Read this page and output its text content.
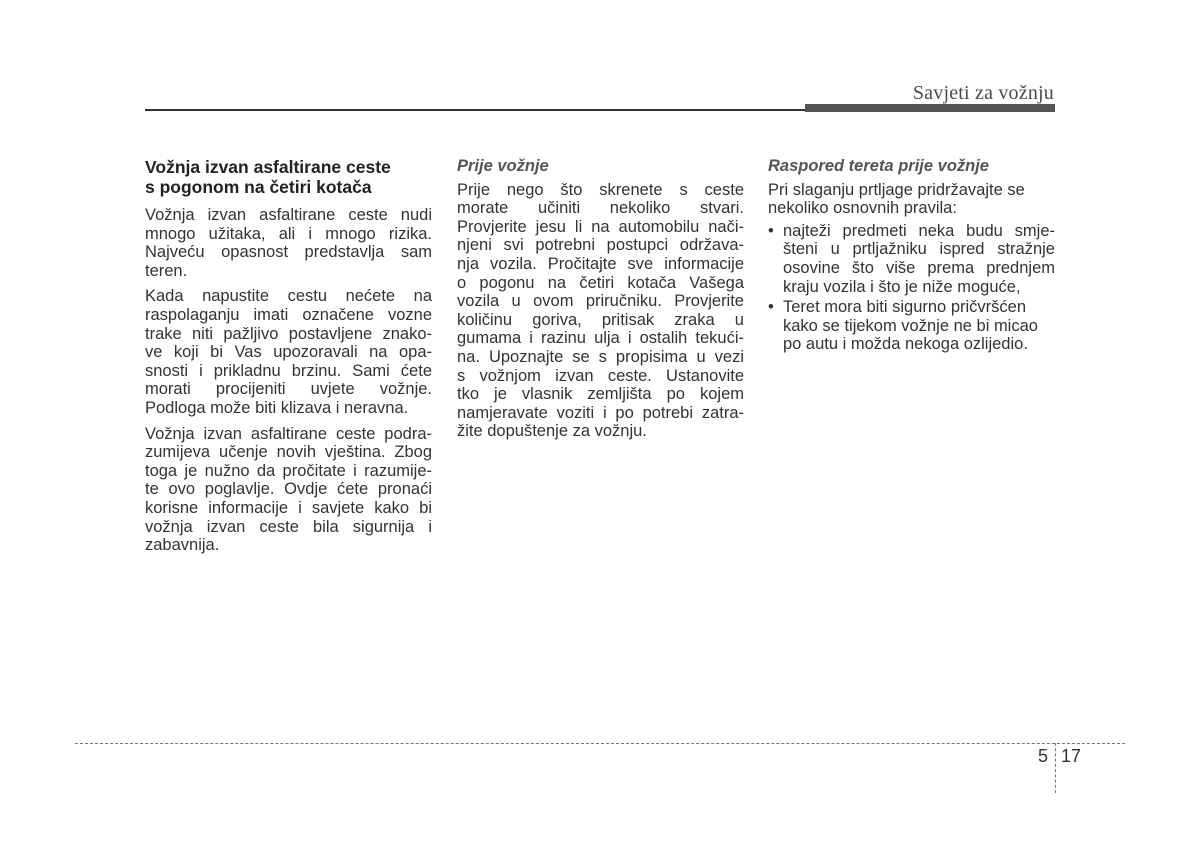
Savjeti za vožnju
Vožnja izvan asfaltirane ceste
s pogonom na četiri kotača
Vožnja izvan asfaltirane ceste nudi
mnogo užitaka, ali i mnogo rizika.
Najveću opasnost predstavlja sam
teren.
Kada napustite cestu nećete na
raspolaganju imati označene vozne
trake niti pažljivo postavljene znako-
ve koji bi Vas upozoravali na opa-
snosti i prikladnu brzinu. Sami ćete
morati procijeniti uvjete vožnje.
Podloga može biti klizava i neravna.
Vožnja izvan asfaltirane ceste podra-
zumijeva učenje novih vještina. Zbog
toga je nužno da pročitate i razumije-
te ovo poglavlje. Ovdje ćete pronaći
korisne informacije i savjete kako bi
vožnja izvan ceste bila sigurnija i
zabavnija.
Prije vožnje
Prije nego što skrenete s ceste
morate učiniti nekoliko stvari.
Provjerite jesu li na automobilu nači-
njeni svi potrebni postupci održava-
nja vozila. Pročitajte sve informacije
o pogonu na četiri kotača Vašega
vozila u ovom priručniku. Provjerite
količinu goriva, pritisak zraka u
gumama i razinu ulja i ostalih tekući-
na. Upoznajte se s propisima u vezi
s vožnjom izvan ceste. Ustanovite
tko je vlasnik zemljišta po kojem
namjeravate voziti i po potrebi zatra-
žite dopuštenje za vožnju.
Raspored tereta prije vožnje
Pri slaganju prtljage pridržavajte se
nekoliko osnovnih pravila:
• najteži predmeti neka budu smje-
šteni u prtljažniku ispred stražnje
osovine što više prema prednjem
kraju vozila i što je niže moguće,
• Teret mora biti sigurno pričvršćen
kako se tijekom vožnje ne bi micao
po autu i možda nekoga ozlijedio.
5 17
